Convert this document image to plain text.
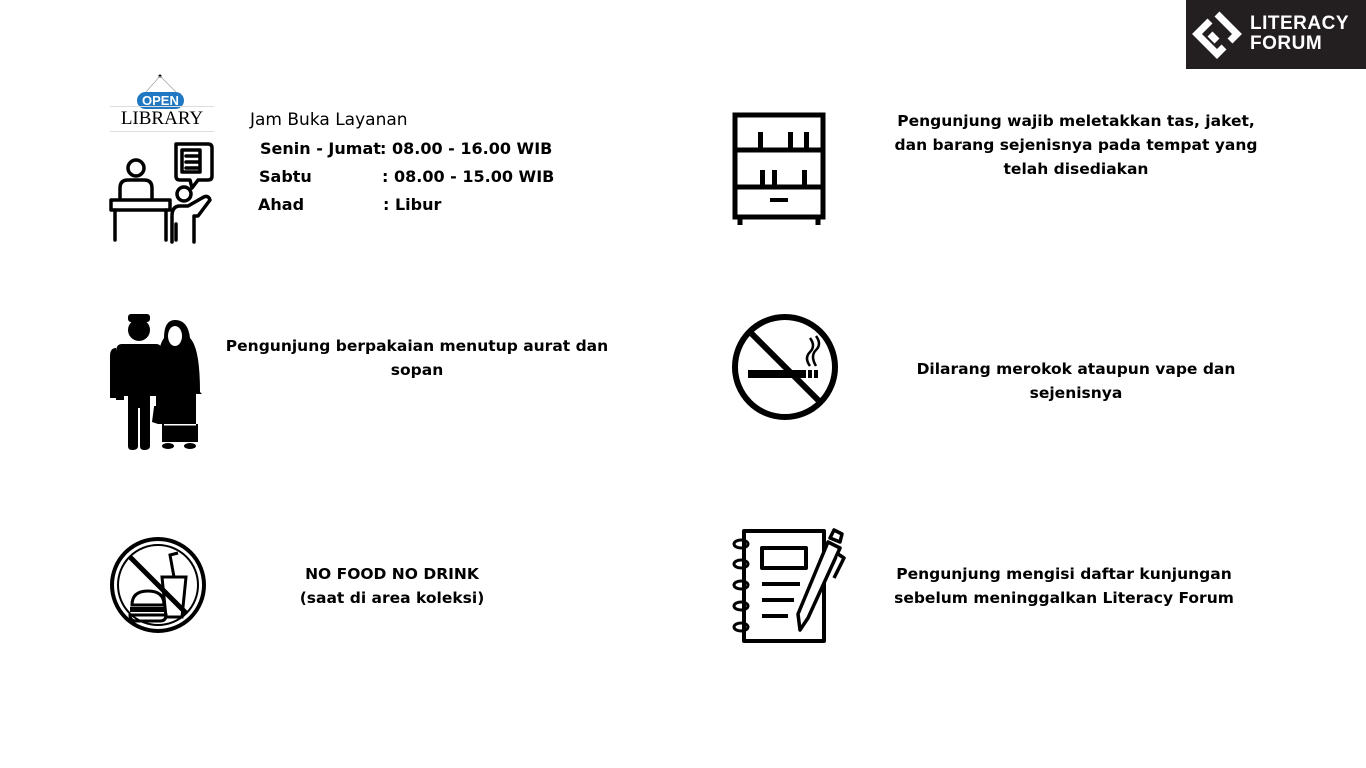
LITERACY
FORUM
OPEN
LIBRARY	Jam Buka Layanan
Senin - Jumat : 08.00 - 16.00 WIB
Sabtu	: 08.00 - 15.00 WIB
Ahad	: Libur
Pengunjung wajib meletakkan tas, jaket,
dan barang sejenisnya pada tempat yang
telah disediakan
Pengunjung berpakaian menutup aurat dan
sopan	Dilarang merokok ataupun vape dan
sejenisnya
NO FOOD NO DRINK
(saat di area koleksi)
Pengunjung mengisi daftar kunjungan
sebelum meninggalkan Literacy Forum
